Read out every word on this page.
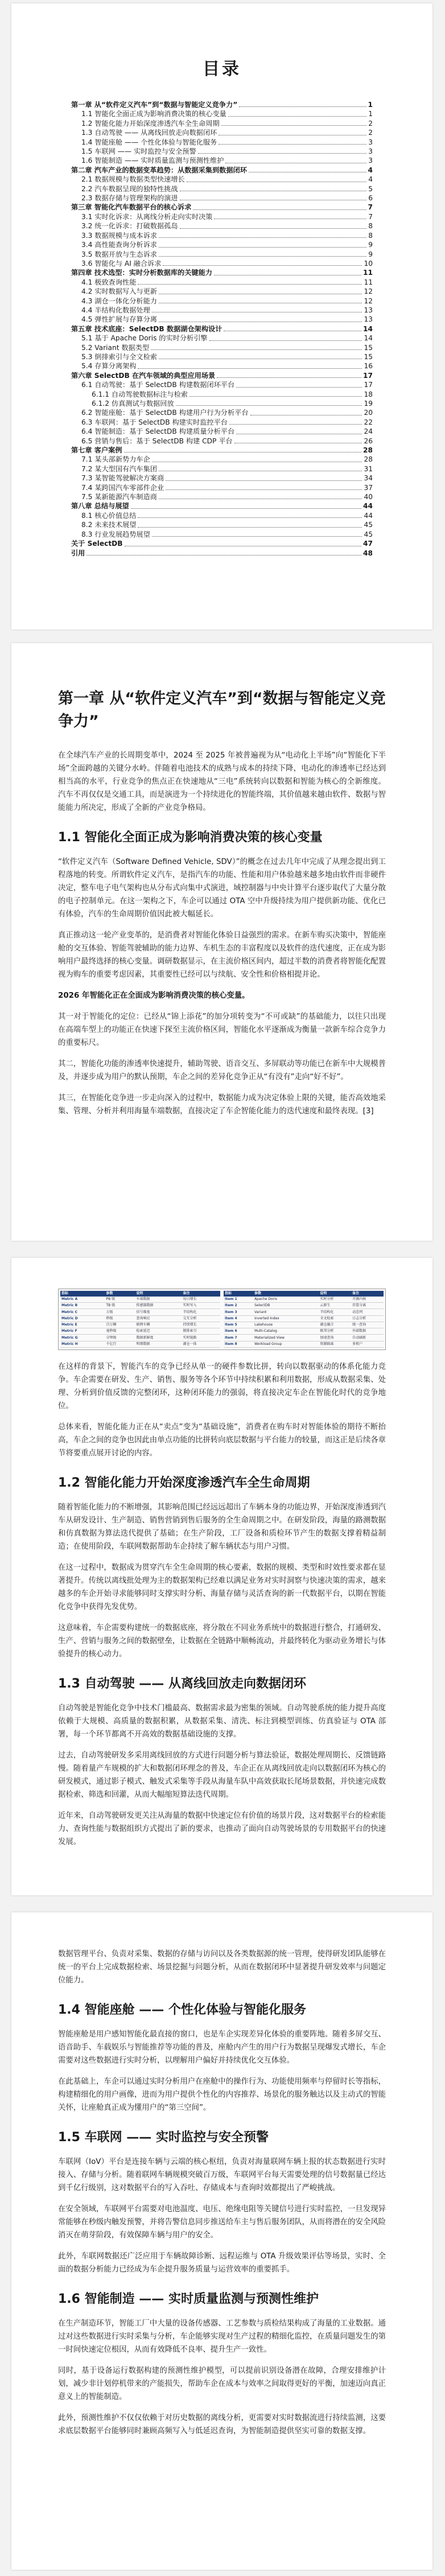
目录
第一章 从“软件定义汽车”到“数据与智能定义竞争力”	1
1.1 智能化全面正成为影响消费决策的核心变量	1
1.2 智能化能力开始深度渗透汽车全生命周期	2
1.3 自动驾驶 —— 从离线回放走向数据闭环	2
1.4 智能座舱 —— 个性化体验与智能化服务	3
1.5 车联网 —— 实时监控与安全预警	3
1.6 智能制造 —— 实时质量监测与预测性维护	3
第二章 汽车产业的数据变革趋势：从数据采集到数据闭环	4
2.1 数据规模与数据类型快速增长	4
2.2 汽车数据呈现的独特性挑战	5
2.3 数据存储与管理架构的演进	6
第三章 智能化汽车数据平台的核心诉求	7
3.1 实时化诉求：从离线分析走向实时决策	7
3.2 统一化诉求：打破数据孤岛	8
3.3 数据规模与成本诉求	8
3.4 高性能查询分析诉求	9
3.5 数据开放与生态诉求	9
3.6 智能化与 AI 融合诉求	10
第四章 技术选型：实时分析数据库的关键能力	11
4.1 极致查询性能	11
4.2 实时数据写入与更新	12
4.3 湖仓一体化分析能力	12
4.4 半结构化数据处理	13
4.5 弹性扩展与存算分离	13
第五章 技术底座：SelectDB 数据湖仓架构设计	14
5.1 基于 Apache Doris 的实时分析引擎	14
5.2 Variant 数据类型	15
5.3 倒排索引与全文检索	15
5.4 存算分离架构	16
第六章 SelectDB 在汽车领域的典型应用场景	17
6.1 自动驾驶：基于 SelectDB 构建数据闭环平台	17
6.1.1 自动驾驶数据标注与检索	18
6.1.2 仿真测试与数据回放	19
6.2 智能座舱：基于 SelectDB 构建用户行为分析平台	20
6.3 车联网：基于 SelectDB 构建实时监控平台	22
6.4 智能制造：基于 SelectDB 构建质量分析平台	24
6.5 营销与售后：基于 SelectDB 构建 CDP 平台	26
第七章 客户案例	28
7.1 某头部新势力车企	28
7.2 某大型国有汽车集团	31
7.3 某智能驾驶解决方案商	34
7.4 某跨国汽车零部件企业	37
7.5 某新能源汽车制造商	40
第八章 总结与展望	44
8.1 核心价值总结	44
8.2 未来技术展望	45
8.3 行业发展趋势展望	45
关于 SelectDB	47
引用	48
第一章 从“软件定义汽车”到“数据与智能定义竞争力”

在全球汽车产业的长周期变革中，2024 至 2025 年被普遍视为从“电动化上半场”向“智能化下半场”全面跨越的关键分水岭。伴随着电池技术的成熟与成本的持续下降，电动化的渗透率已经达到相当高的水平，行业竞争的焦点正在快速地从“三电”系统转向以数据和智能为核心的全新维度。汽车不再仅仅是交通工具，而是演进为一个持续进化的智能终端，其价值越来越由软件、数据与智能能力所决定，形成了全新的产业竞争格局。

1.1 智能化全面正成为影响消费决策的核心变量

“软件定义汽车（Software Defined Vehicle, SDV）”的概念在过去几年中完成了从理念提出到工程落地的转变。所谓软件定义汽车，是指汽车的功能、性能和用户体验越来越多地由软件而非硬件决定，整车电子电气架构也从分布式向集中式演进，域控制器与中央计算平台逐步取代了大量分散的电子控制单元。在这一架构之下，车企可以通过 OTA 空中升级持续为用户提供新功能、优化已有体验，汽车的生命周期价值因此被大幅延长。

真正推动这一轮产业变革的，是消费者对智能化体验日益强烈的需求。在新车购买决策中，智能座舱的交互体验、智能驾驶辅助的能力边界、车机生态的丰富程度以及软件的迭代速度，正在成为影响用户最终选择的核心变量。调研数据显示，在主流价格区间内，超过半数的消费者将智能化配置视为购车的重要考虑因素，其重要性已经可以与续航、安全性和价格相提并论。

2026 年智能化正在全面成为影响消费决策的核心变量。

其一对于智能化的定位：已经从“锦上添花”的加分项转变为“不可或缺”的基础能力，以往只出现在高端车型上的功能正在快速下探至主流价格区间，智能化水平逐渐成为衡量一款新车综合竞争力的重要标尺。

其二，智能化功能的渗透率快速提升，辅助驾驶、语音交互、多屏联动等功能已在新车中大规模普及，并逐步成为用户的默认预期，车企之间的差异化竞争正从“有没有”走向“好不好”。

其三，在智能化竞争进一步走向深入的过程中，数据能力成为决定体验上限的关键，能否高效地采集、管理、分析并利用海量车端数据，直接决定了车企智能化能力的迭代速度和最终表现。[3]

指标	参数	说明	备注
Metric A	PB 级	车端数据	每日增长
Metric B	TB 级	传感器数据	实时写入
Metric C	万级	信号维度	半结构化
Metric D	秒级	查询响应	交互分析
Metric E	百万辆	联网车辆	持续增长
Metric F	毫秒级	检索延迟	倒排索引
Metric G	分钟级	数据新鲜度	实时链路
Metric H	千亿行	明细数据	湖仓一体
指标	参数	说明	备注
Item 1	Apache Doris	实时分析	开源内核
Item 2	SelectDB	云原生	存算分离
Item 3	Variant	半结构化	动态列
Item 4	Inverted Index	全文检索	日志分析
Item 5	Lakehouse	湖仓融合	统一查询
Item 6	Multi-Catalog	联邦分析	外部数据
Item 7	Materialized View	加速查询	自动刷新
Item 8	Workload Group	资源隔离	多租户

在这样的背景下，智能汽车的竞争已经从单一的硬件参数比拼，转向以数据驱动的体系化能力竞争。车企需要在研发、生产、销售、服务等各个环节中持续积累和利用数据，形成从数据采集、处理、分析到价值反馈的完整闭环，这种闭环能力的强弱，将直接决定车企在智能化时代的竞争地位。

总体来看，智能化能力正在从“卖点”变为“基础设施”，消费者在购车时对智能体验的期待不断抬高，车企之间的竞争也因此由单点功能的比拼转向底层数据与平台能力的较量，而这正是后续各章节将要重点展开讨论的内容。

1.2 智能化能力开始深度渗透汽车全生命周期

随着智能化能力的不断增强，其影响范围已经远远超出了车辆本身的功能边界，开始深度渗透到汽车从研发设计、生产制造、销售营销到售后服务的全生命周期之中。在研发阶段，海量的路测数据和仿真数据为算法迭代提供了基础；在生产阶段，工厂设备和质检环节产生的数据支撑着精益制造；在使用阶段，车联网数据帮助车企持续了解车辆状态与用户习惯。

在这一过程中，数据成为贯穿汽车全生命周期的核心要素，数据的规模、类型和时效性要求都在显著提升。传统以离线批处理为主的数据架构已经难以满足业务对实时洞察与快速决策的需求，越来越多的车企开始寻求能够同时支撑实时分析、海量存储与灵活查询的新一代数据平台，以期在智能化竞争中获得先发优势。

这意味着，车企需要构建统一的数据底座，将分散在不同业务系统中的数据进行整合，打通研发、生产、营销与服务之间的数据壁垒，让数据在全链路中顺畅流动，并最终转化为驱动业务增长与体验提升的核心动力。

1.3 自动驾驶 —— 从离线回放走向数据闭环

自动驾驶是智能化竞争中技术门槛最高、数据需求最为密集的领域。自动驾驶系统的能力提升高度依赖于大规模、高质量的数据积累，从数据采集、清洗、标注到模型训练、仿真验证与 OTA 部署，每一个环节都离不开高效的数据基础设施的支撑。

过去，自动驾驶研发多采用离线回放的方式进行问题分析与算法验证，数据处理周期长、反馈链路慢。随着量产车规模的扩大和数据闭环理念的普及，车企正在从离线回放走向以数据闭环为核心的研发模式，通过影子模式、触发式采集等手段从海量车队中高效获取长尾场景数据，并快速完成数据检索、筛选和回灌，从而大幅缩短算法迭代周期。

近年来，自动驾驶研发更关注从海量的数据中快速定位有价值的场景片段，这对数据平台的检索能力、查询性能与数据组织方式提出了新的要求，也推动了面向自动驾驶场景的专用数据平台的快速发展。

数据管理平台、负责对采集、数据的存储与访问以及各类数据源的统一管理，使得研发团队能够在统一的平台上完成数据检索、场景挖掘与问题分析，从而在数据闭环中显著提升研发效率与问题定位能力。

1.4 智能座舱 —— 个性化体验与智能化服务

智能座舱是用户感知智能化最直接的窗口，也是车企实现差异化体验的重要阵地。随着多屏交互、语音助手、车载娱乐与智能推荐等功能的普及，座舱内产生的用户行为数据呈现爆发式增长，车企需要对这些数据进行实时分析，以理解用户偏好并持续优化交互体验。

在此基础上，车企可以通过实时分析用户在座舱中的操作行为、功能使用频率与停留时长等指标，构建精细化的用户画像，进而为用户提供个性化的内容推荐、场景化的服务触达以及主动式的智能关怀，让座舱真正成为懂用户的“第三空间”。

1.5 车联网 —— 实时监控与安全预警

车联网（IoV）平台是连接车辆与云端的核心枢纽，负责对海量联网车辆上报的状态数据进行实时接入、存储与分析。随着联网车辆规模突破百万级，车联网平台每天需要处理的信号数据量已经达到千亿行级别，这对数据平台的写入吞吐、存储成本与查询时效都提出了严峻挑战。

在安全领域，车联网平台需要对电池温度、电压、绝缘电阻等关键信号进行实时监控，一旦发现异常能够在秒级内触发预警，并将告警信息同步推送给车主与售后服务团队，从而将潜在的安全风险消灭在萌芽阶段，有效保障车辆与用户的安全。

此外，车联网数据还广泛应用于车辆故障诊断、远程运维与 OTA 升级效果评估等场景，实时、全面的数据分析能力已经成为车企提升服务质量与运营效率的重要抓手。

1.6 智能制造 —— 实时质量监测与预测性维护

在生产制造环节，智能工厂中大量的设备传感器、工艺参数与质检结果构成了海量的工业数据。通过对这些数据进行实时采集与分析，车企能够实现对生产过程的精细化监控，在质量问题发生的第一时间快速定位根因，从而有效降低不良率、提升生产一致性。

同时，基于设备运行数据构建的预测性维护模型，可以提前识别设备潜在故障，合理安排维护计划，减少非计划停机带来的产能损失，帮助车企在成本与效率之间取得更好的平衡，加速迈向真正意义上的智能制造。

此外，预测性维护不仅仅依赖于对历史数据的离线分析，更需要对实时数据流进行持续监测，这要求底层数据平台能够同时兼顾高频写入与低延迟查询，为智能制造提供坚实可靠的数据支撑。
